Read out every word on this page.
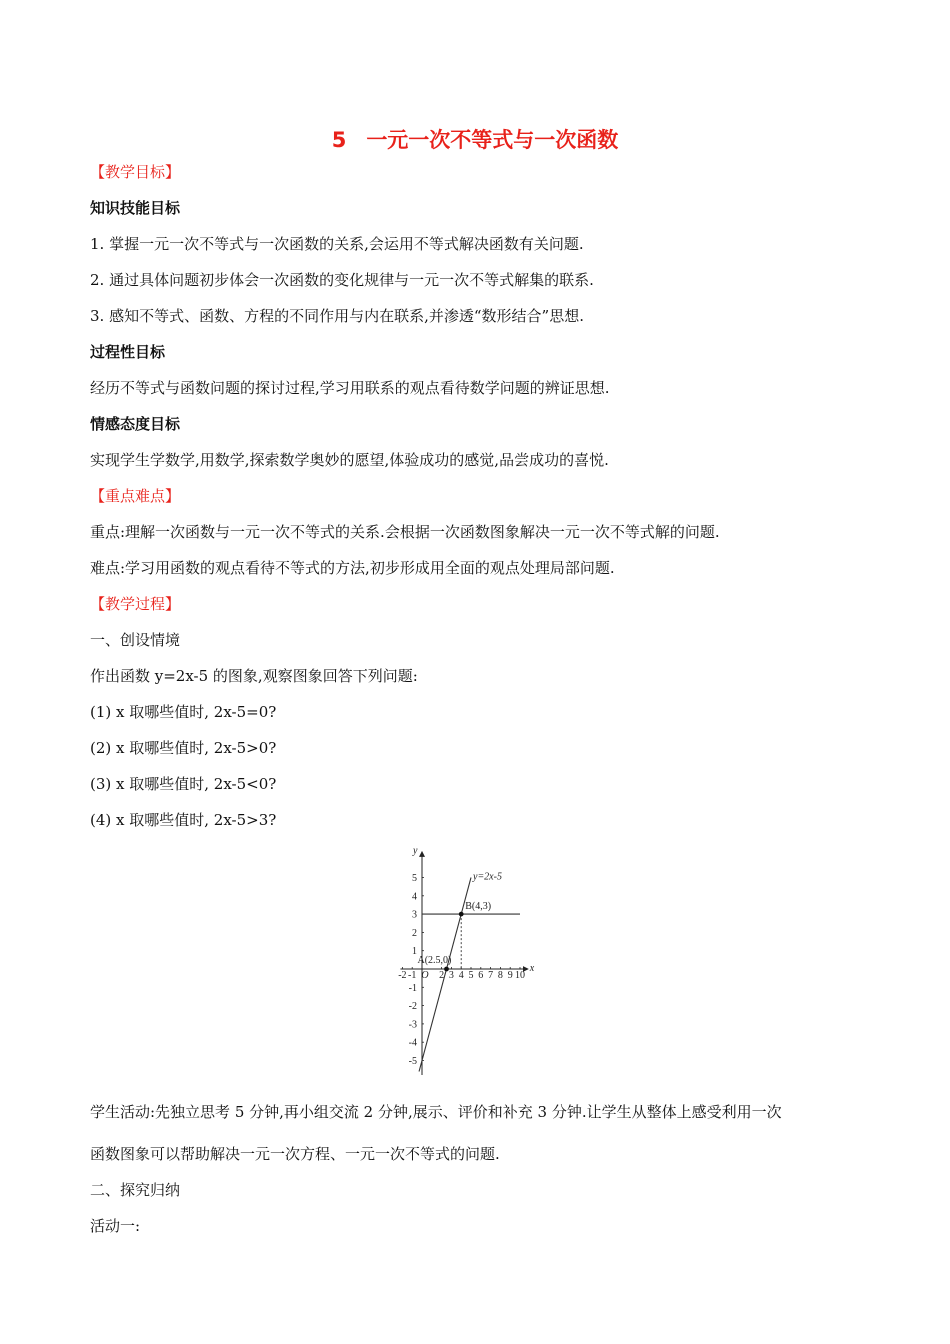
5 一元一次不等式与一次函数
【教学目标】
知识技能目标
1. 掌握一元一次不等式与一次函数的关系,会运用不等式解决函数有关问题.
2. 通过具体问题初步体会一次函数的变化规律与一元一次不等式解集的联系.
3. 感知不等式、函数、方程的不同作用与内在联系,并渗透“数形结合”思想.
过程性目标
经历不等式与函数问题的探讨过程,学习用联系的观点看待数学问题的辨证思想.
情感态度目标
实现学生学数学,用数学,探索数学奥妙的愿望,体验成功的感觉,品尝成功的喜悦.
【重点难点】
重点:理解一次函数与一元一次不等式的关系.会根据一次函数图象解决一元一次不等式解的问题.
难点:学习用函数的观点看待不等式的方法,初步形成用全面的观点处理局部问题.
【教学过程】
一、创设情境
作出函数 y=2x-5 的图象,观察图象回答下列问题:
(1) x 取哪些值时, 2x-5=0?
(2) x 取哪些值时, 2x-5>0?
(3) x 取哪些值时, 2x-5<0?
(4) x 取哪些值时, 2x-5>3?
x
y
-2 -1 O 2 3 4 5 6 7 8 9 10
5
4
3
2
1
-1
-2
-3
-4
-5
y=2x-5
A(2.5,0)
B(4,3)
学生活动:先独立思考 5 分钟,再小组交流 2 分钟,展示、评价和补充 3 分钟.让学生从整体上感受利用一次
函数图象可以帮助解决一元一次方程、一元一次不等式的问题.
二、探究归纳
活动一:
